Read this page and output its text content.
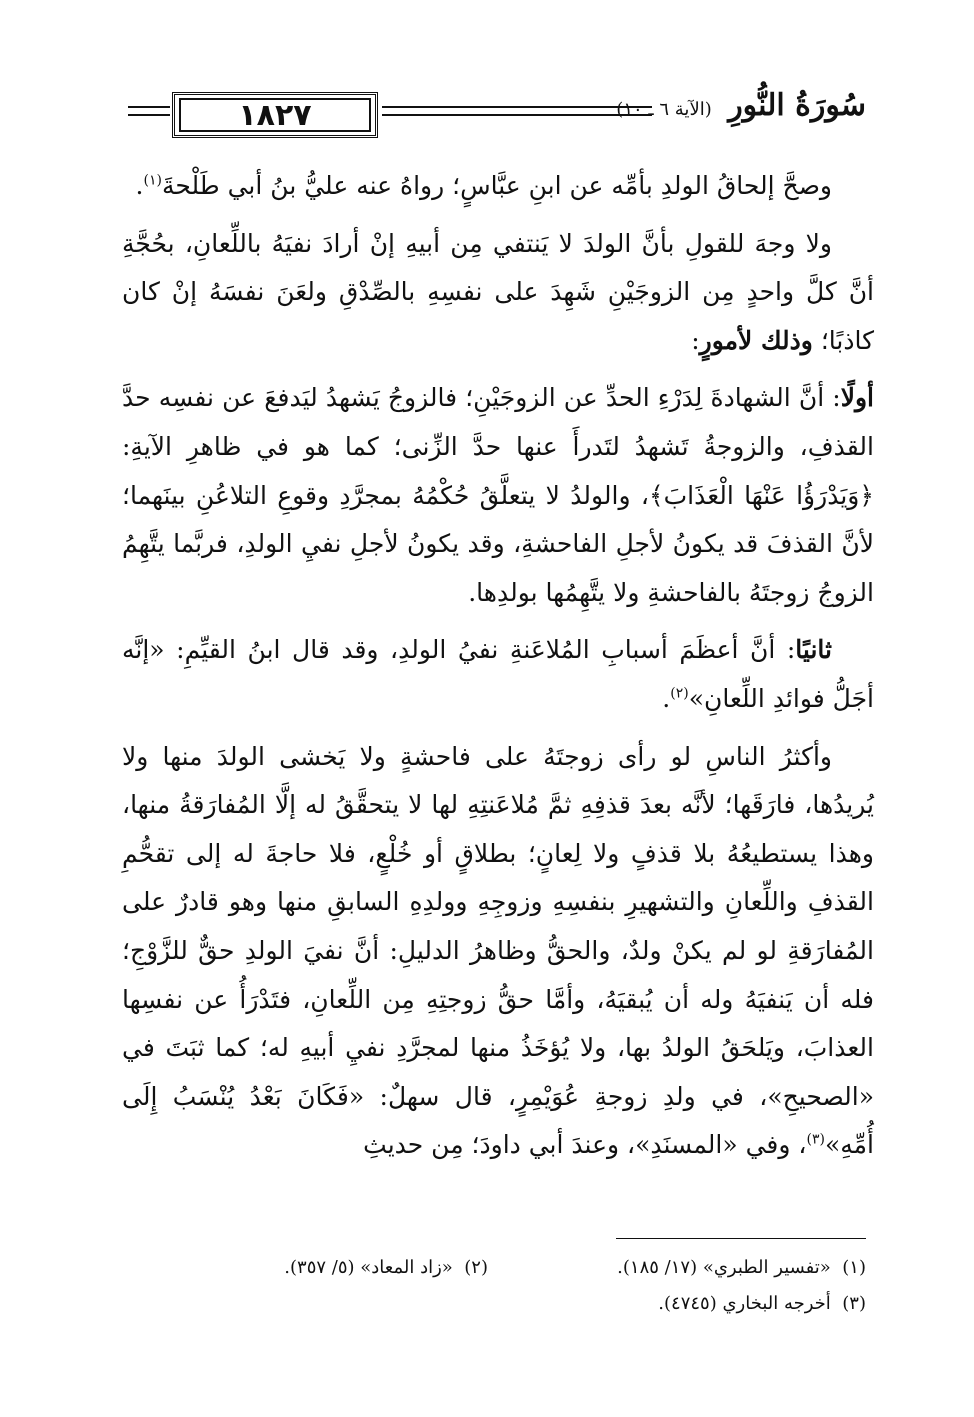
١٨٢٧	سُورَةُ النُّورِ (الآية ٦ ـ ١٠)

وصحَّ إلحاقُ الولدِ بأمِّه عن ابنِ عبَّاسٍ؛ رواهُ عنه عليُّ بنُ أبي طَلْحةَ$^{(١)}$.

ولا وجهَ للقولِ بأنَّ الولدَ لا يَنتفي مِن أبيهِ إنْ أرادَ نفيَهُ باللِّعانِ، بحُجَّةِ أنَّ كلَّ واحدٍ مِن الزوجَيْنِ شَهِدَ على نفسِهِ بالصِّدْقِ ولعَنَ نفسَهُ إنْ كان كاذبًا؛ وذلك لأمورٍ:

أولًا: أنَّ الشهادةَ لِدَرْءِ الحدِّ عن الزوجَيْنِ؛ فالزوجُ يَشهدُ ليَدفعَ عن نفسِه حدَّ القذفِ، والزوجةُ تَشهدُ لتَدرأَ عنها حدَّ الزِّنى؛ كما هو في ظاهرِ الآيةِ: ﴿وَيَدْرَؤُا عَنْهَا الْعَذَابَ﴾، والولدُ لا يتعلَّقُ حُكْمُهُ بمجرَّدِ وقوعِ التلاعُنِ بينَهما؛ لأنَّ القذفَ قد يكونُ لأجلِ الفاحشةِ، وقد يكونُ لأجلِ نفيِ الولدِ، فربَّما يتَّهِمُ الزوجُ زوجتَهُ بالفاحشةِ ولا يتَّهِمُها بولدِها.

ثانيًا: أنَّ أعظَمَ أسبابِ المُلاعَنةِ نفيُ الولدِ، وقد قال ابنُ القيِّمِ: «إنَّه أجَلُّ فوائدِ اللِّعانِ»$^{(٢)}$.

وأكثرُ الناسِ لو رأى زوجتَهُ على فاحشةٍ ولا يَخشى الولدَ منها ولا يُريدُها، فارَقَها؛ لأنَّه بعدَ قذفِهِ ثمَّ مُلاعَنتِهِ لها لا يتحقَّقُ له إلَّا المُفارَقةُ منها، وهذا يستطيعُهُ بلا قذفٍ ولا لِعانٍ؛ بطلاقٍ أو خُلْعٍ، فلا حاجةَ له إلى تقحُّمِ القذفِ واللِّعانِ والتشهيرِ بنفسِهِ وزوجِهِ وولدِهِ السابقِ منها وهو قادرٌ على المُفارَقةِ لو لم يكنْ ولدٌ، والحقُّ وظاهرُ الدليلِ: أنَّ نفيَ الولدِ حقٌّ للزَّوْجِ؛ فله أن يَنفيَهُ وله أن يُبقيَهُ، وأمَّا حقُّ زوجتِهِ مِن اللِّعانِ، فتَدْرَأُ عن نفسِها العذابَ، ويَلحَقُ الولدُ بها، ولا يُؤخَذُ منها لمجرَّدِ نفيِ أبيهِ له؛ كما ثبَتَ في «الصحيحِ»، في ولدِ زوجةِ عُوَيْمِرٍ، قال سهلٌ: «فَكَانَ بَعْدُ يُنْسَبُ إِلَى أُمِّهِ»$^{(٣)}$، وفي «المسنَدِ»، وعندَ أبي داودَ؛ مِن حديثِ

(١)  «تفسير الطبري» (١٧/ ١٨٥).
(٢)  «زاد المعاد» (٥/ ٣٥٧).
(٣)  أخرجه البخاري (٤٧٤٥).
